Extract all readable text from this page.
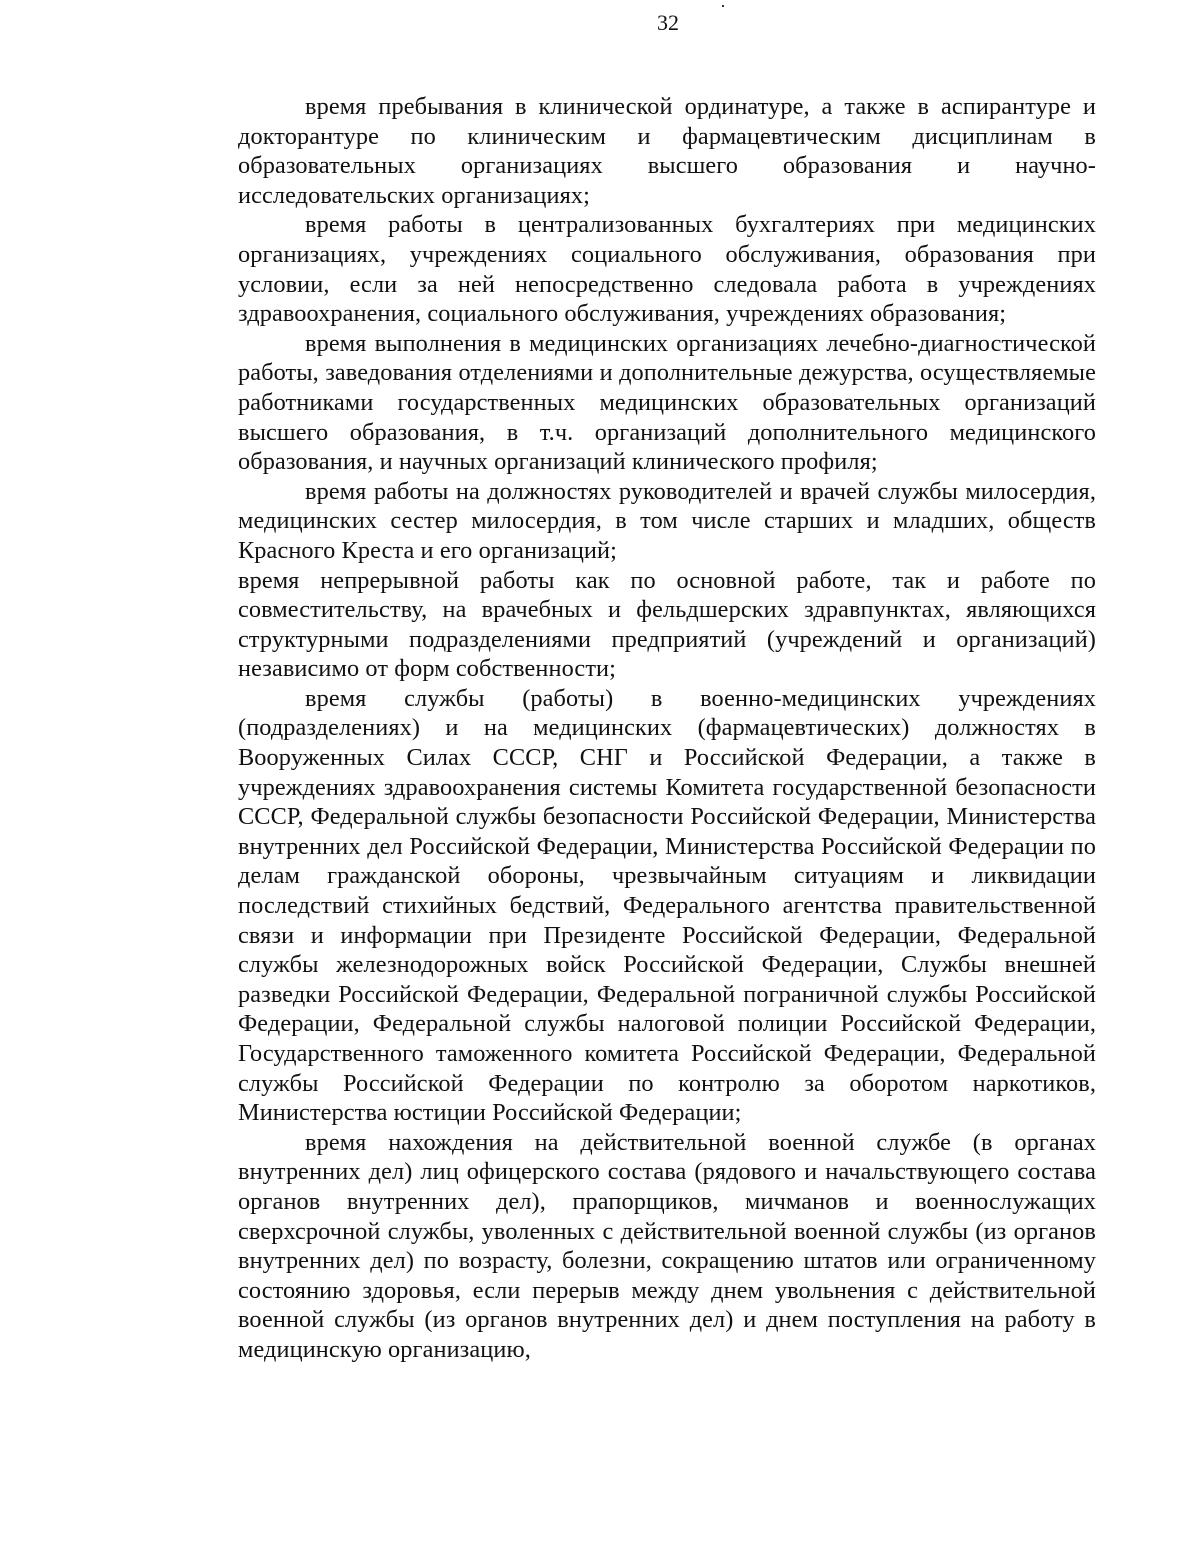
32

время пребывания в клинической ординатуре, а также в аспирантуре и докторантуре по клиническим и фармацевтическим дисциплинам в образовательных организациях высшего образования и научно-исследовательских организациях;

время работы в централизованных бухгалтериях при медицинских организациях, учреждениях социального обслуживания, образования при условии, если за ней непосредственно следовала работа в учреждениях здравоохранения, социального обслуживания, учреждениях образования;

время выполнения в медицинских организациях лечебно-диагностической работы, заведования отделениями и дополнительные дежурства, осуществляемые работниками государственных медицинских образовательных организаций высшего образования, в т.ч. организаций дополнительного медицинского образования, и научных организаций клинического профиля;

время работы на должностях руководителей и врачей службы милосердия, медицинских сестер милосердия, в том числе старших и младших, обществ Красного Креста и его организаций;

время непрерывной работы как по основной работе, так и работе по совместительству, на врачебных и фельдшерских здравпунктах, являющихся структурными подразделениями предприятий (учреждений и организаций) независимо от форм собственности;

время службы (работы) в военно-медицинских учреждениях (подразделениях) и на медицинских (фармацевтических) должностях в Вооруженных Силах СССР, СНГ и Российской Федерации, а также в учреждениях здравоохранения системы Комитета государственной безопасности СССР, Федеральной службы безопасности Российской Федерации, Министерства внутренних дел Российской Федерации, Министерства Российской Федерации по делам гражданской обороны, чрезвычайным ситуациям и ликвидации последствий стихийных бедствий, Федерального агентства правительственной связи и информации при Президенте Российской Федерации, Федеральной службы железнодорожных войск Российской Федерации, Службы внешней разведки Российской Федерации, Федеральной пограничной службы Российской Федерации, Федеральной службы налоговой полиции Российской Федерации, Государственного таможенного комитета Российской Федерации, Федеральной службы Российской Федерации по контролю за оборотом наркотиков, Министерства юстиции Российской Федерации;

время нахождения на действительной военной службе (в органах внутренних дел) лиц офицерского состава (рядового и начальствующего состава органов внутренних дел), прапорщиков, мичманов и военнослужащих сверхсрочной службы, уволенных с действительной военной службы (из органов внутренних дел) по возрасту, болезни, сокращению штатов или ограниченному состоянию здоровья, если перерыв между днем увольнения с действительной военной службы (из органов внутренних дел) и днем поступления на работу в медицинскую организацию,
